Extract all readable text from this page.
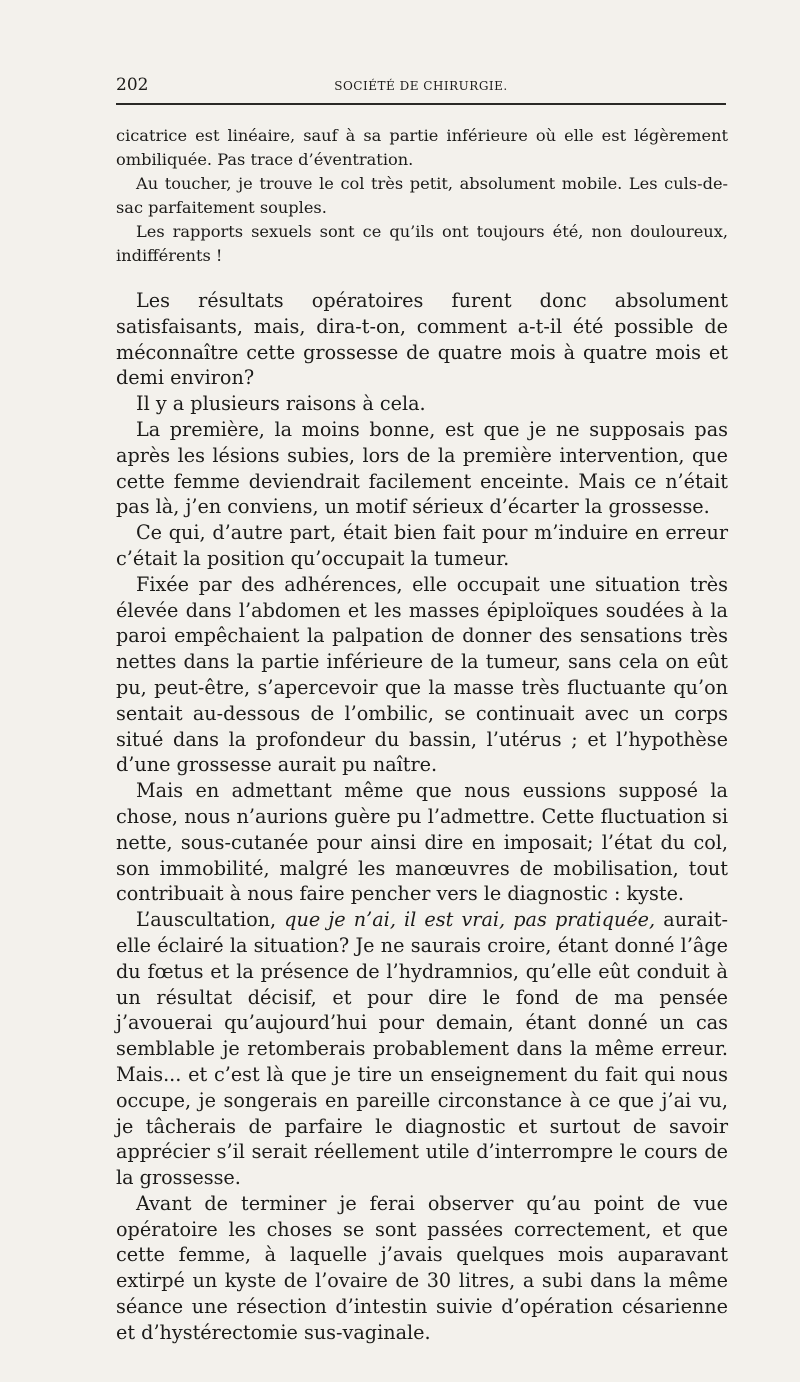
202	SOCIÉTÉ DE CHIRURGIE.

cicatrice est linéaire, sauf à sa partie inférieure où elle est légèrement ombiliquée. Pas trace d’éventration.

Au toucher, je trouve le col très petit, absolument mobile. Les culs-de-sac parfaitement souples.

Les rapports sexuels sont ce qu’ils ont toujours été, non douloureux, indifférents !

Les résultats opératoires furent donc absolument satisfaisants, mais, dira-t-on, comment a-t-il été possible de méconnaître cette grossesse de quatre mois à quatre mois et demi environ?

Il y a plusieurs raisons à cela.

La première, la moins bonne, est que je ne supposais pas après les lésions subies, lors de la première intervention, que cette femme deviendrait facilement enceinte. Mais ce n’était pas là, j’en conviens, un motif sérieux d’écarter la grossesse.

Ce qui, d’autre part, était bien fait pour m’induire en erreur c’était la position qu’occupait la tumeur.

Fixée par des adhérences, elle occupait une situation très élevée dans l’abdomen et les masses épiploïques soudées à la paroi empêchaient la palpation de donner des sensations très nettes dans la partie inférieure de la tumeur, sans cela on eût pu, peut-être, s’apercevoir que la masse très fluctuante qu’on sentait au-dessous de l’ombilic, se continuait avec un corps situé dans la profondeur du bassin, l’utérus ; et l’hypothèse d’une grossesse aurait pu naître.

Mais en admettant même que nous eussions supposé la chose, nous n’aurions guère pu l’admettre. Cette fluctuation si nette, sous-cutanée pour ainsi dire en imposait; l’état du col, son immobilité, malgré les manœuvres de mobilisation, tout contribuait à nous faire pencher vers le diagnostic : kyste.

L’auscultation, que je n’ai, il est vrai, pas pratiquée, aurait-elle éclairé la situation? Je ne saurais croire, étant donné l’âge du fœtus et la présence de l’hydramnios, qu’elle eût conduit à un résultat décisif, et pour dire le fond de ma pensée j’avouerai qu’aujourd’hui pour demain, étant donné un cas semblable je retomberais probablement dans la même erreur. Mais... et c’est là que je tire un enseignement du fait qui nous occupe, je songerais en pareille circonstance à ce que j’ai vu, je tâcherais de parfaire le diagnostic et surtout de savoir apprécier s’il serait réellement utile d’interrompre le cours de la grossesse.

Avant de terminer je ferai observer qu’au point de vue opératoire les choses se sont passées correctement, et que cette femme, à laquelle j’avais quelques mois auparavant extirpé un kyste de l’ovaire de 30 litres, a subi dans la même séance une résection d’intestin suivie d’opération césarienne et d’hystérectomie sus-vaginale.
